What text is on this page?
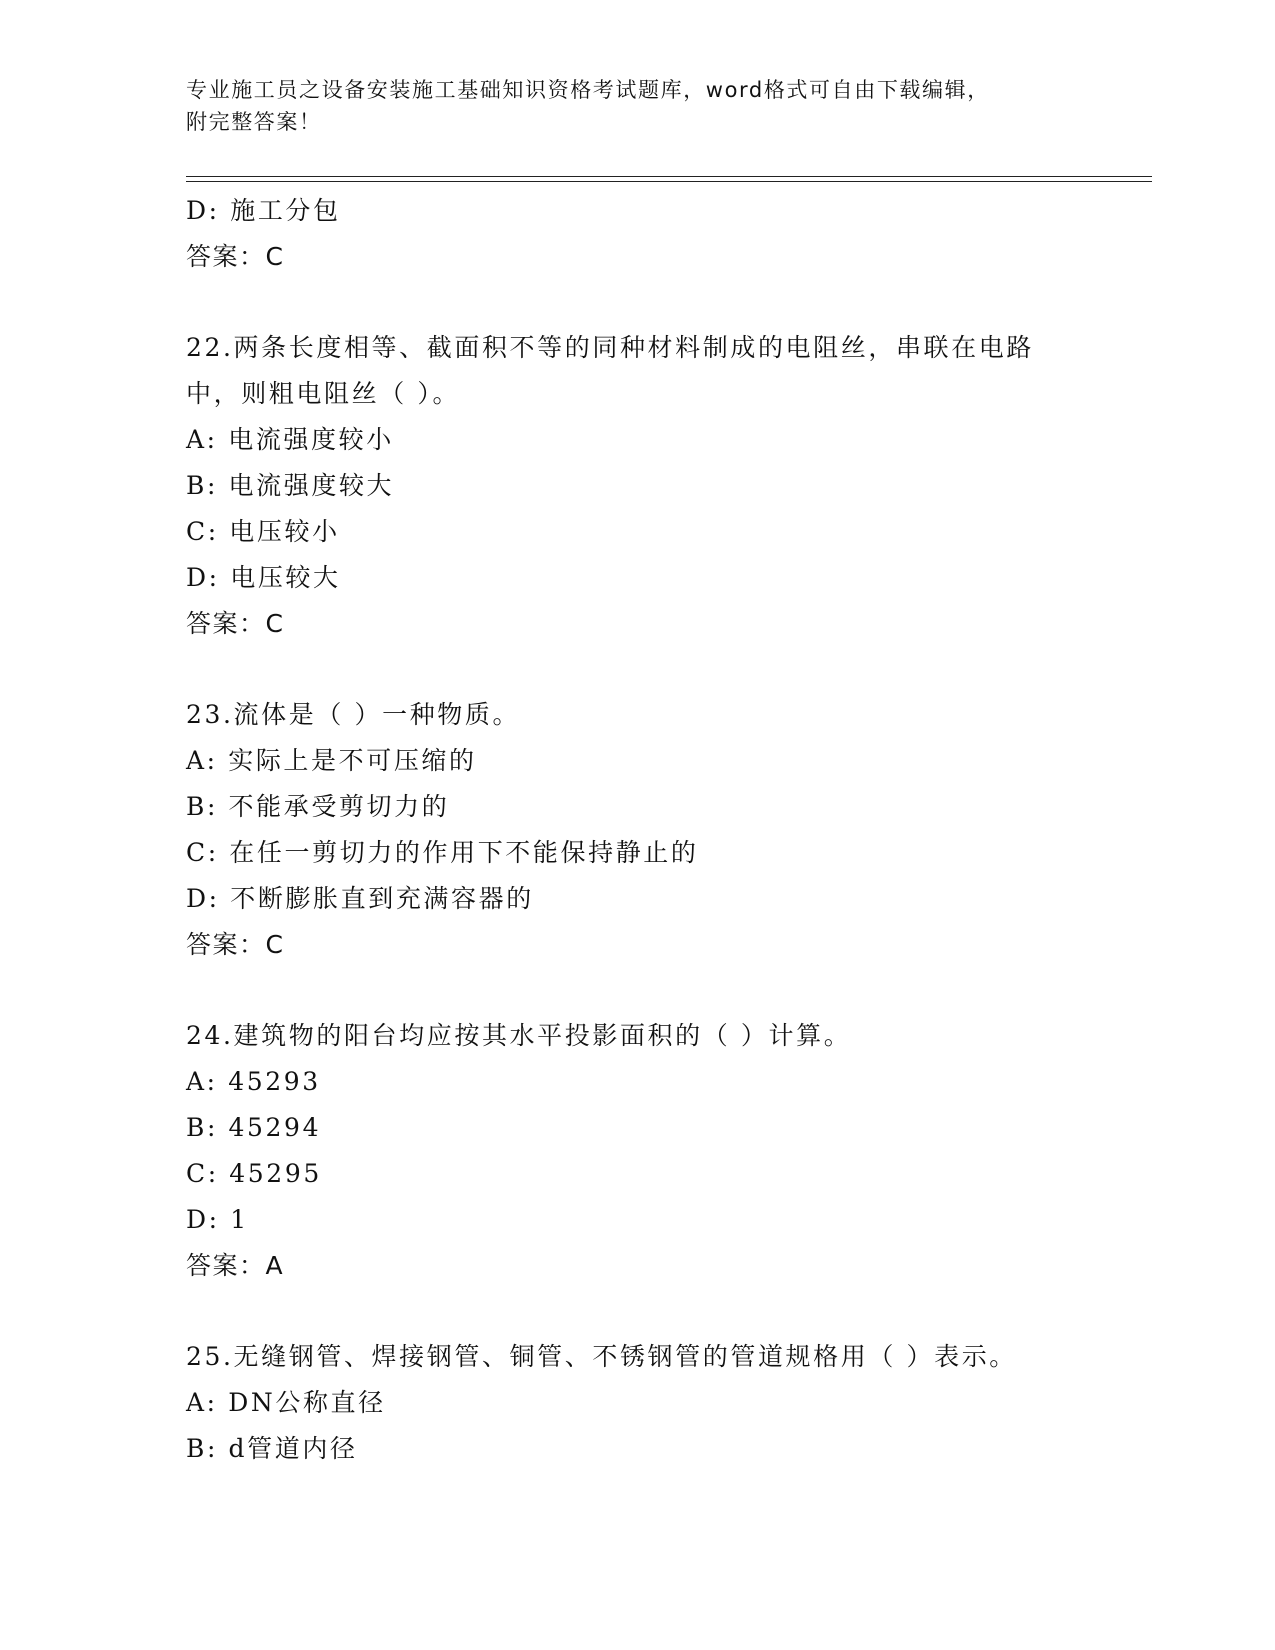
专业施工员之设备安装施工基础知识资格考试题库，word格式可自由下载编辑，
附完整答案！
D: 施工分包
答案：C
22.两条长度相等、截面积不等的同种材料制成的电阻丝，串联在电路
中，则粗电阻丝（ ）。
A: 电流强度较小
B: 电流强度较大
C: 电压较小
D: 电压较大
答案：C
23.流体是（ ）一种物质。
A: 实际上是不可压缩的
B: 不能承受剪切力的
C: 在任一剪切力的作用下不能保持静止的
D: 不断膨胀直到充满容器的
答案：C
24.建筑物的阳台均应按其水平投影面积的（ ）计算。
A: 45293
B: 45294
C: 45295
D: 1
答案：A
25.无缝钢管、焊接钢管、铜管、不锈钢管的管道规格用（ ）表示。
A: DN公称直径
B: d管道内径
